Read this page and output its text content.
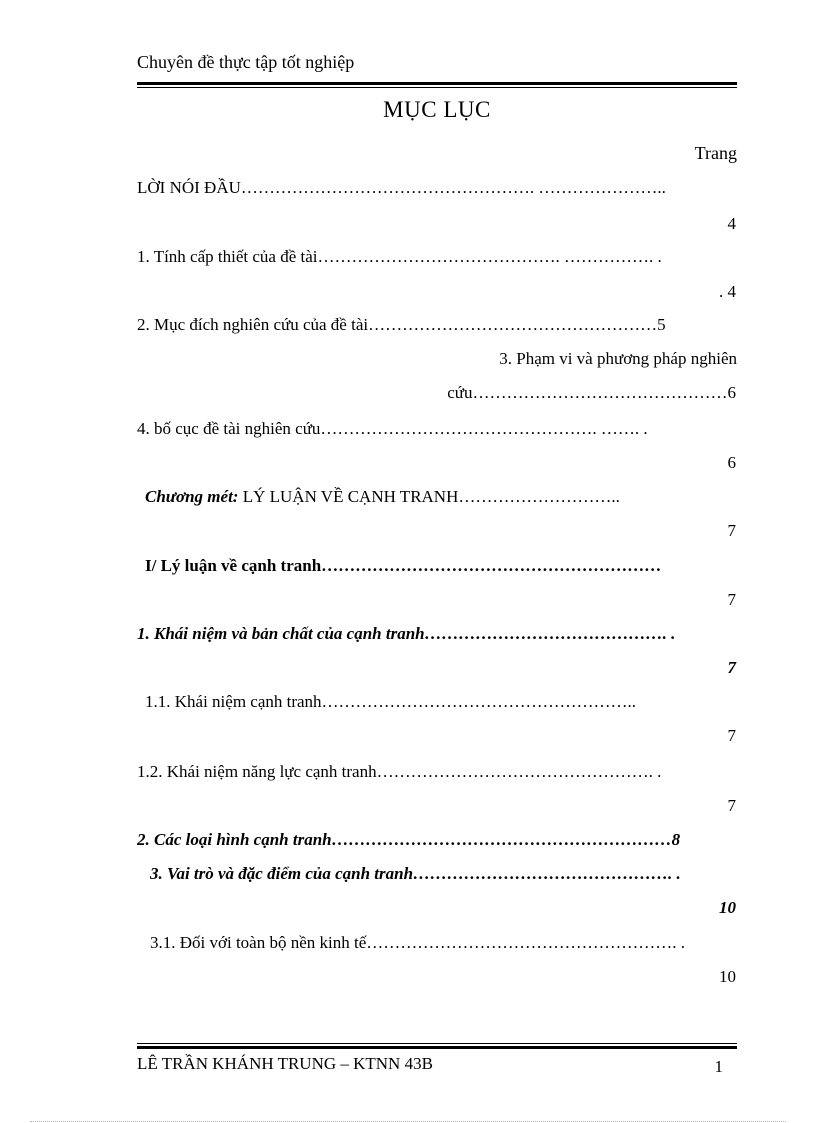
Chuyên đề thực tập tốt nghiệp
MỤC LỤC
Trang
LỜI NÓI ĐẦU……………………………………………. …………………..
4
1. Tính cấp thiết của đề tài……………………………………. ……………. .
. 4
2. Mục đích nghiên cứu của đề tài……………………………………………5
3. Phạm vi và phương pháp nghiên
cứu………………………………………6
4. bố cục đề tài nghiên cứu…………………………………………. ……. .
6
Chương mét: LÝ LUẬN VỀ CẠNH TRANH………………………..
7
I/ Lý luận về cạnh tranh……………………………………………………
7
1. Khái niệm và bản chất của cạnh tranh……………………………………. .
7
1.1. Khái niệm cạnh tranh………………………………………………..
7
1.2. Khái niệm năng lực cạnh tranh…………………………………………. .
7
2. Các loại hình cạnh tranh……………………………………………………8
3. Vai trò và đặc điểm của cạnh tranh………………………………………. .
10
3.1. Đối với toàn bộ nền kinh tế………………………………………………. .
10
LÊ TRẦN KHÁNH TRUNG – KTNN 43B	1
